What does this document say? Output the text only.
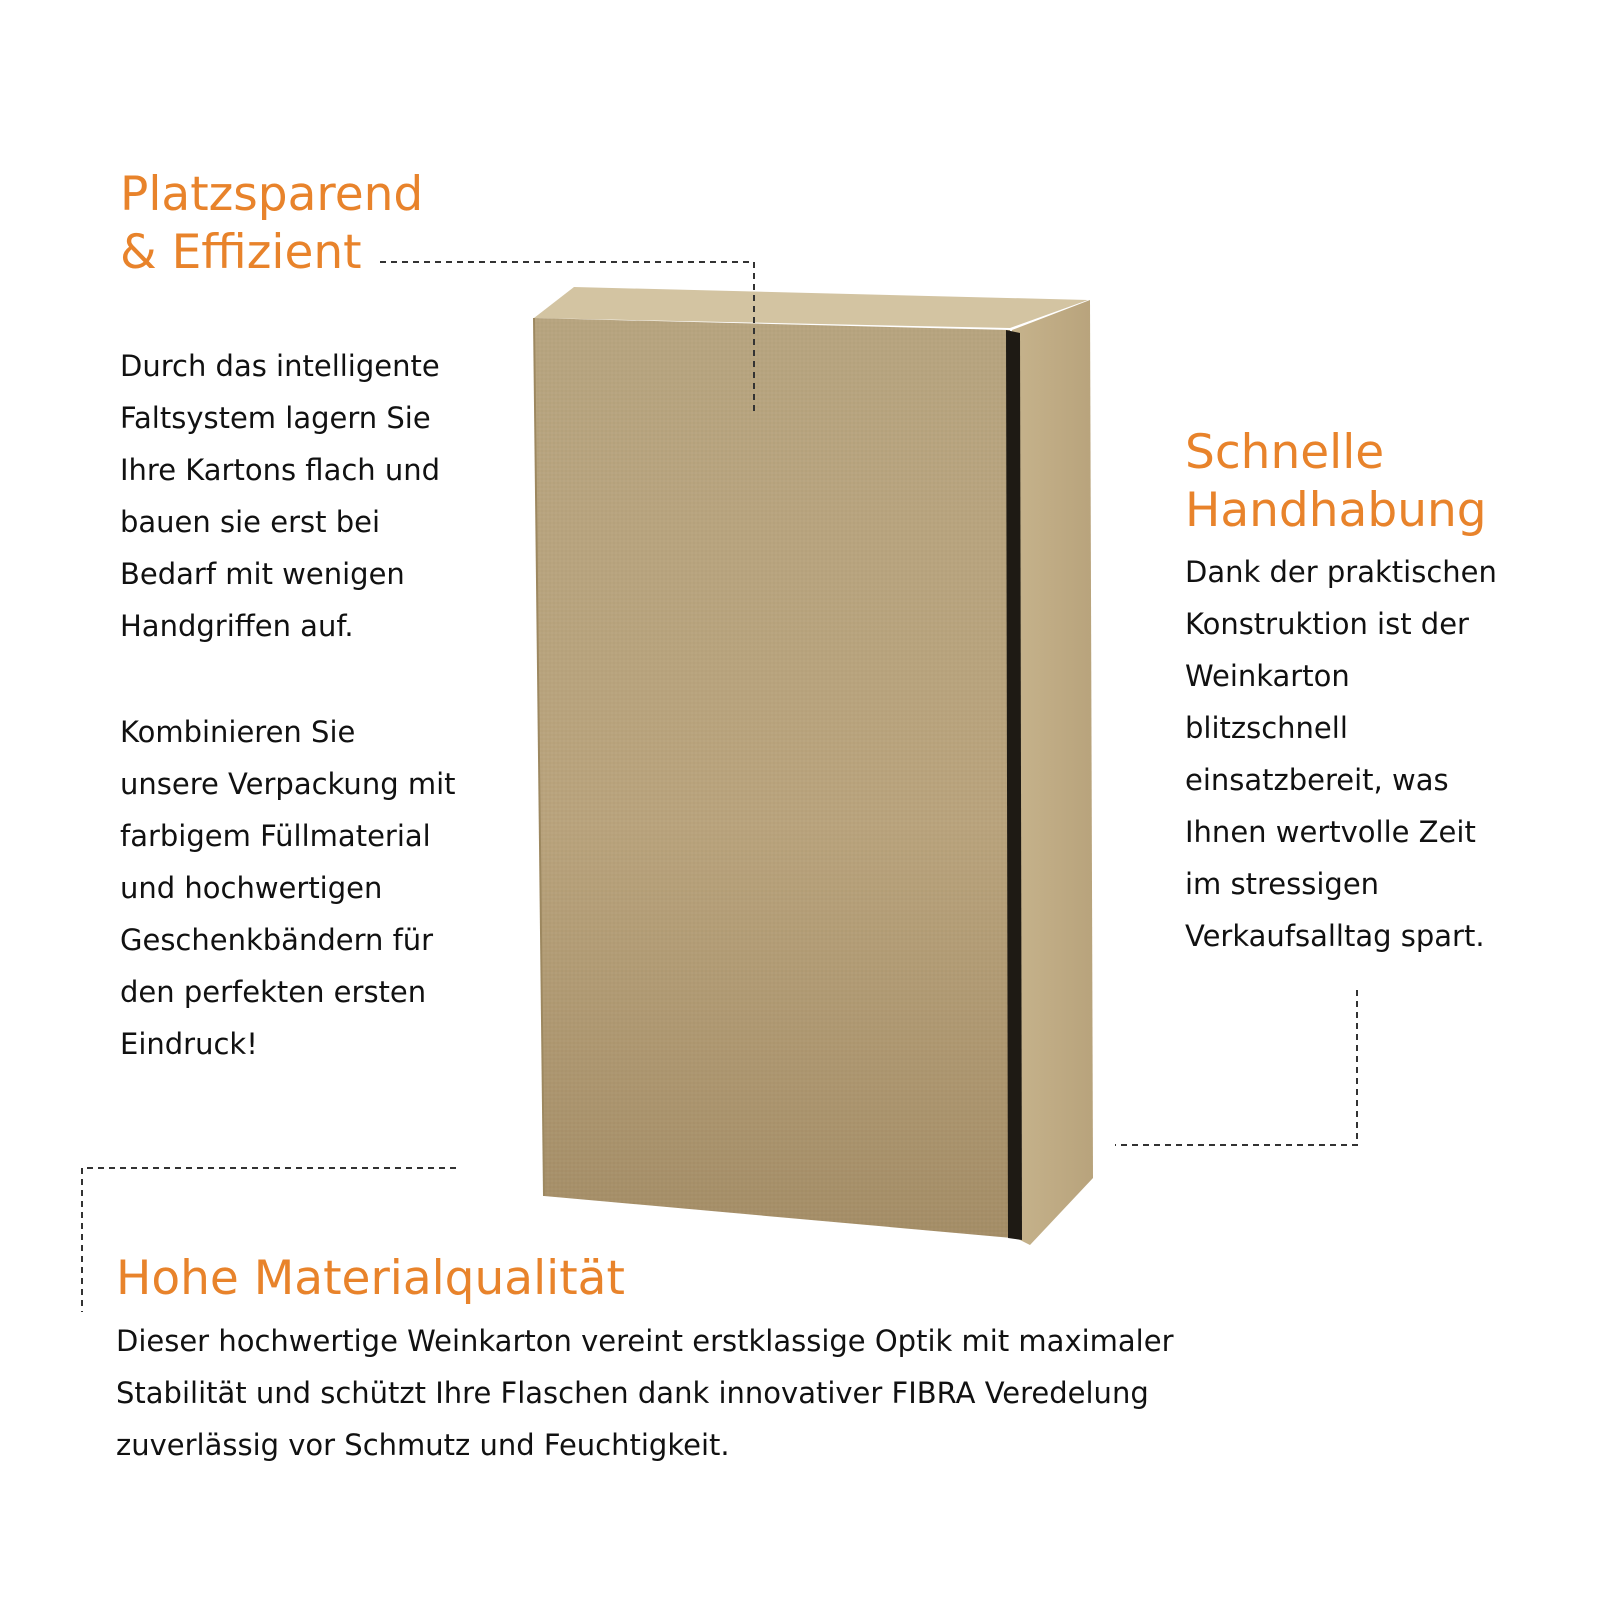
Platzsparend
& Effizient

Durch das intelligente
Faltsystem lagern Sie
Ihre Kartons flach und
bauen sie erst bei
Bedarf mit wenigen
Handgriffen auf.

Kombinieren Sie
unsere Verpackung mit
farbigem Füllmaterial
und hochwertigen
Geschenkbändern für
den perfekten ersten
Eindruck!

Schnelle
Handhabung

Dank der praktischen
Konstruktion ist der
Weinkarton
blitzschnell
einsatzbereit, was
Ihnen wertvolle Zeit
im stressigen
Verkaufsalltag spart.

Hohe Materialqualität

Dieser hochwertige Weinkarton vereint erstklassige Optik mit maximaler
Stabilität und schützt Ihre Flaschen dank innovativer FIBRA Veredelung
zuverlässig vor Schmutz und Feuchtigkeit.
